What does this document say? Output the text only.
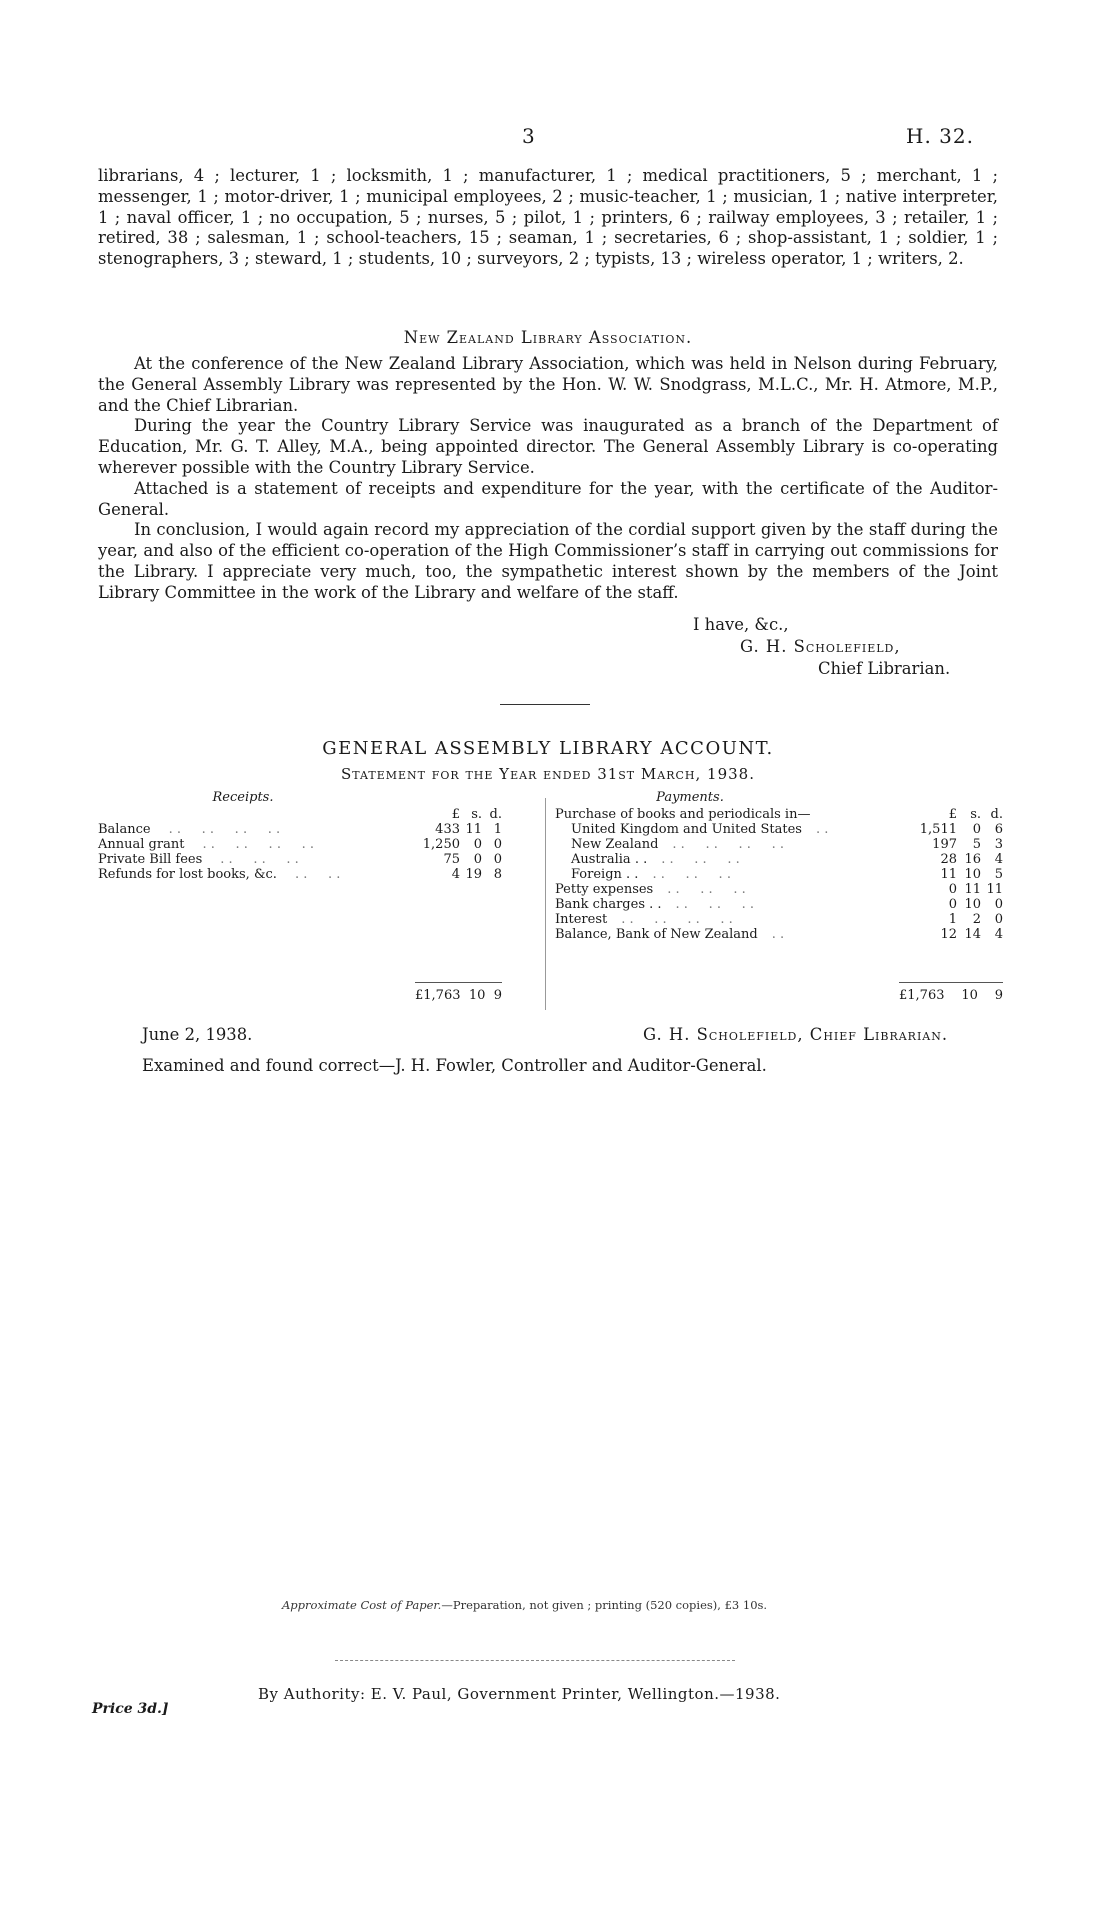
3	H. 32.

librarians, 4 ; lecturer, 1 ; locksmith, 1 ; manufacturer, 1 ; medical practitioners, 5 ; merchant, 1 ; messenger, 1 ; motor-driver, 1 ; municipal employees, 2 ; music-teacher, 1 ; musician, 1 ; native interpreter, 1 ; naval officer, 1 ; no occupation, 5 ; nurses, 5 ; pilot, 1 ; printers, 6 ; railway employees, 3 ; retailer, 1 ; retired, 38 ; salesman, 1 ; school-teachers, 15 ; seaman, 1 ; secretaries, 6 ; shop-assistant, 1 ; soldier, 1 ; stenographers, 3 ; steward, 1 ; students, 10 ; surveyors, 2 ; typists, 13 ; wireless operator, 1 ; writers, 2.

New Zealand Library Association.

At the conference of the New Zealand Library Association, which was held in Nelson during February, the General Assembly Library was represented by the Hon. W. W. Snodgrass, M.L.C., Mr. H. Atmore, M.P., and the Chief Librarian.

During the year the Country Library Service was inaugurated as a branch of the Department of Education, Mr. G. T. Alley, M.A., being appointed director. The General Assembly Library is co-operating wherever possible with the Country Library Service.

Attached is a statement of receipts and expenditure for the year, with the certificate of the Auditor-General.

In conclusion, I would again record my appreciation of the cordial support given by the staff during the year, and also of the efficient co-operation of the High Commissioner’s staff in carrying out commissions for the Library. I appreciate very much, too, the sympathetic interest shown by the members of the Joint Library Committee in the work of the Library and welfare of the staff.

I have, &c.,
G. H. Scholefield,
Chief Librarian.
GENERAL ASSEMBLY LIBRARY ACCOUNT.
Statement for the Year ended 31st March, 1938.
Receipts.
	£	s.	d.
Balance . .     . .     . .     . .	433	11	1
Annual grant . .     . .     . .     . .	1,250	0	0
Private Bill fees . .     . .     . .	75	0	0
Refunds for lost books, &c. . .     . .	4	19	8
Payments.
Purchase of books and periodicals in—	£	s.	d.
United Kingdom and United States . .	1,511	0	6
New Zealand . .     . .     . .     . .	197	5	3
Australia . . . .     . .     . .	28	16	4
Foreign . . . .     . .     . .	11	10	5
Petty expenses . .     . .     . .	0	11	11
Bank charges . . . .     . .     . .	0	10	0
Interest . .     . .     . .     . .	1	2	0
Balance, Bank of New Zealand . .	12	14	4
£1,763 10 9	£1,763 10 9
June 2, 1938.	G. H. Scholefield, Chief Librarian.
Examined and found correct—J. H. Fowler, Controller and Auditor-General.
Approximate Cost of Paper.—Preparation, not given ; printing (520 copies), £3 10s.
By Authority: E. V. Paul, Government Printer, Wellington.—1938.
Price 3d.]
